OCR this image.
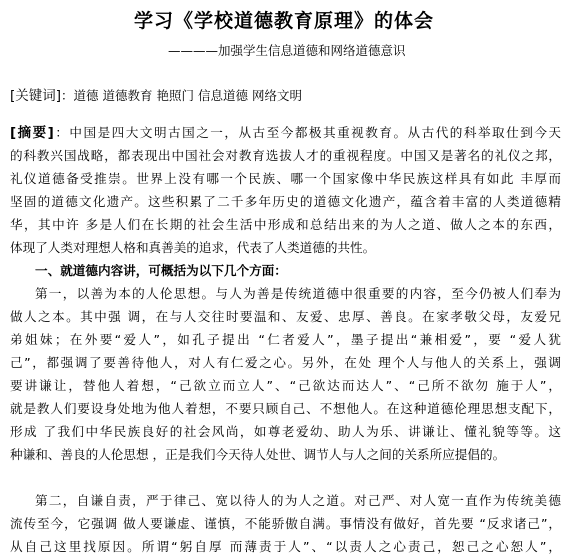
学习《学校道德教育原理》的体会
————加强学生信息道德和网络道德意识
[关键词]：道德 道德教育 艳照门 信息道德 网络文明
[摘要]：中国是四大文明古国之一，从古至今都极其重视教育。从古代的科举取仕到今天
的科教兴国战略，都表现出中国社会对教育选拔人才的重视程度。中国又是著名的礼仪之邦，
礼仪道德备受推崇。世界上没有哪一个民族、哪一个国家像中华民族这样具有如此 丰厚而
坚固的道德文化遗产。这些积累了二千多年历史的道德文化遗产，蕴含着丰富的人类道德精
华，其中许 多是人们在长期的社会生活中形成和总结出来的为人之道、做人之本的东西，
体现了人类对理想人格和真善美的追求，代表了人类道德的共性。
一、就道德内容讲，可概括为以下几个方面：
第一，以善为本的人伦思想。与人为善是传统道德中很重要的内容，至今仍被人们奉为
做人之本。其中强 调，在与人交往时要温和、友爱、忠厚、善良。在家孝敬父母，友爱兄
弟姐妹；在外要“爱人”，如孔子提出 “仁者爱人”，墨子提出“兼相爱”，要 “爱人犹
己”，都强调了要善待他人，对人有仁爱之心。另外，在处 理个人与他人的关系上，强调
要讲谦让，替他人着想，“己欲立而立人”、“己欲达而达人”、“己所不欲勿 施于人”，
就是教人们要设身处地为他人着想，不要只顾自己、不想他人。在这种道德伦理思想支配下，
形成 了我们中华民族良好的社会风尚，如尊老爱幼、助人为乐、讲谦让、懂礼貌等等。这
种谦和、善良的人伦思想 ，正是我们今天待人处世、调节人与人之间的关系所应提倡的。
第二，自谦自责，严于律己、宽以待人的为人之道。对己严、对人宽一直作为传统美德
流传至今，它强调 做人要谦虚、谨慎，不能骄傲自满。事情没有做好，首先要 “反求诸己”，
从自己这里找原因。所谓“躬自厚 而薄责于人”、“以责人之心责己，恕己之心恕人”，
